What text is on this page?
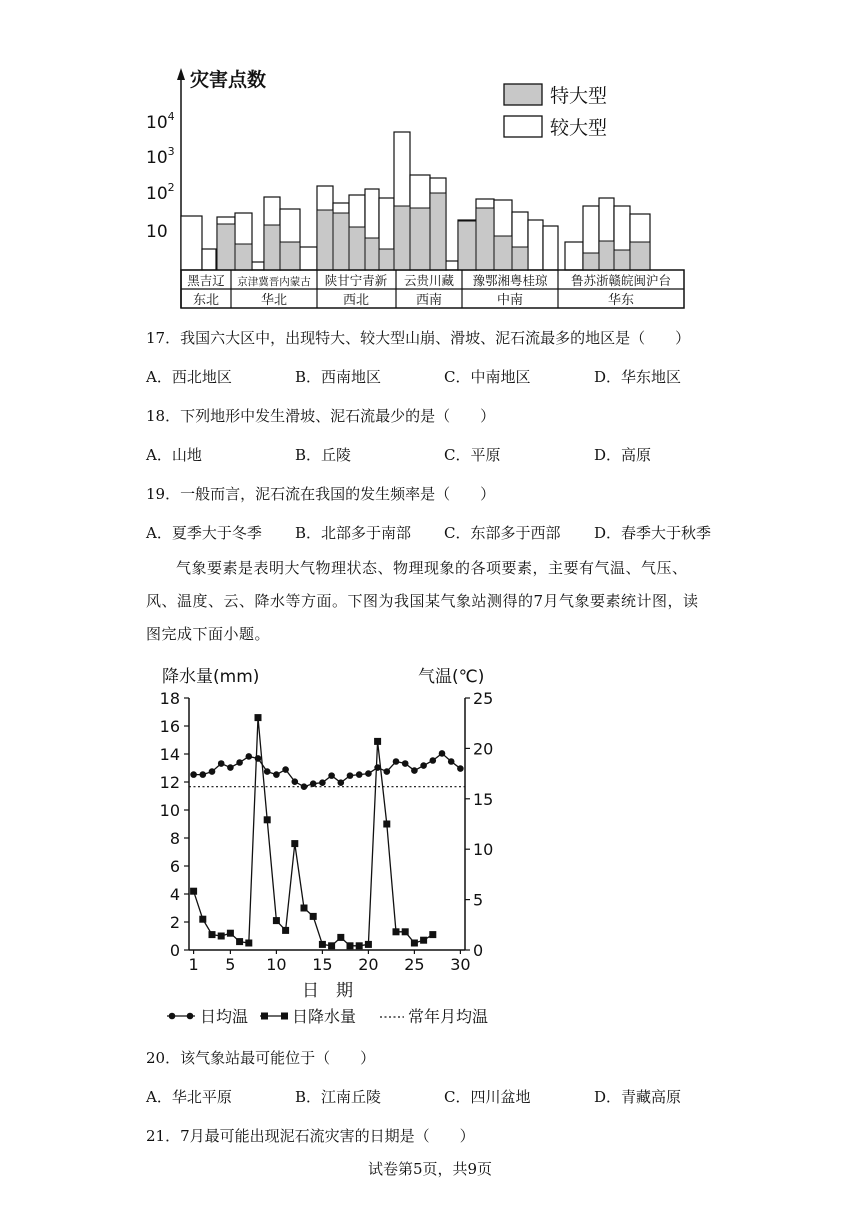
灾害点数
$10^4$
$10^3$
$10^2$
10
特大型
较大型
黑吉辽 京津冀晋内蒙古 陕甘宁青新 云贵川藏 豫鄂湘粤桂琼 鲁苏浙赣皖闽沪台
东北	华北	西北	西南	中南	华东
17．我国六大区中，出现特大、较大型山崩、滑坡、泥石流最多的地区是（　　）
A．西北地区	B．西南地区	C．中南地区	D．华东地区
18．下列地形中发生滑坡、泥石流最少的是（　　）
A．山地	B．丘陵	C．平原	D．高原
19．一般而言，泥石流在我国的发生频率是（　　）
A．夏季大于冬季 B．北部多于南部 C．东部多于西部 D．春季大于秋季
气象要素是表明大气物理状态、物理现象的各项要素，主要有气温、气压、风、温度、云、降水等方面。下图为我国某气象站测得的7月气象要素统计图，读图完成下面小题。
降水量(mm)	气温(℃)
18
16
14
12
10
8
6
4
2
0
25
20
15
10
5
0
1 5 10 15 20 25 30
日　期
日均温	日降水量	常年月均温
20．该气象站最可能位于（　　）
A．华北平原	B．江南丘陵	C．四川盆地	D．青藏高原
21．7月最可能出现泥石流灾害的日期是（　　）
试卷第5页，共9页
